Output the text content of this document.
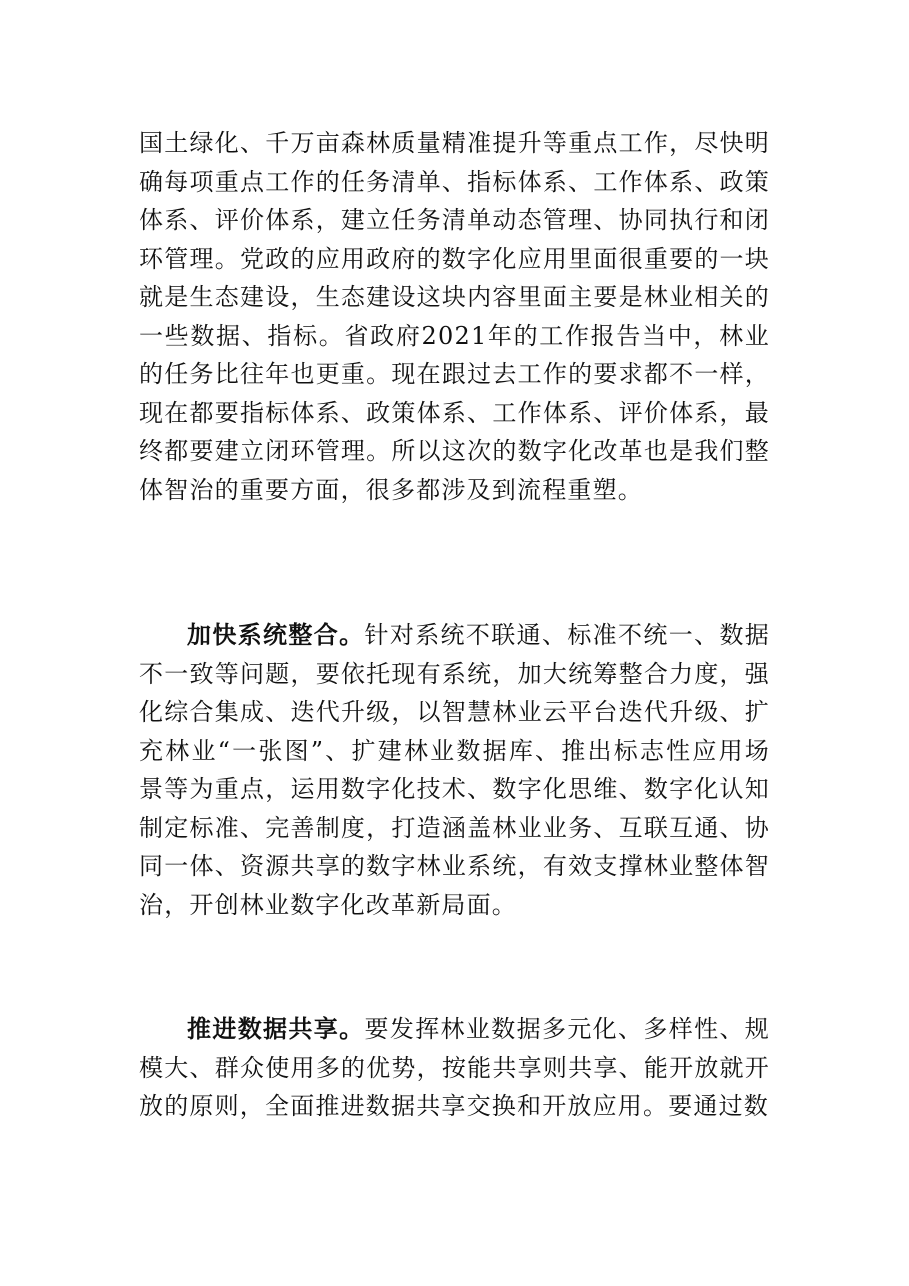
国土绿化、千万亩森林质量精准提升等重点工作，尽快明确每项重点工作的任务清单、指标体系、工作体系、政策体系、评价体系，建立任务清单动态管理、协同执行和闭环管理。党政的应用政府的数字化应用里面很重要的一块就是生态建设，生态建设这块内容里面主要是林业相关的一些数据、指标。省政府2021年的工作报告当中，林业的任务比往年也更重。现在跟过去工作的要求都不一样，现在都要指标体系、政策体系、工作体系、评价体系，最终都要建立闭环管理。所以这次的数字化改革也是我们整体智治的重要方面，很多都涉及到流程重塑。

加快系统整合。针对系统不联通、标准不统一、数据不一致等问题，要依托现有系统，加大统筹整合力度，强化综合集成、迭代升级，以智慧林业云平台迭代升级、扩充林业“一张图”、扩建林业数据库、推出标志性应用场景等为重点，运用数字化技术、数字化思维、数字化认知制定标准、完善制度，打造涵盖林业业务、互联互通、协同一体、资源共享的数字林业系统，有效支撑林业整体智治，开创林业数字化改革新局面。

推进数据共享。要发挥林业数据多元化、多样性、规模大、群众使用多的优势，按能共享则共享、能开放就开放的原则，全面推进数据共享交换和开放应用。要通过数
